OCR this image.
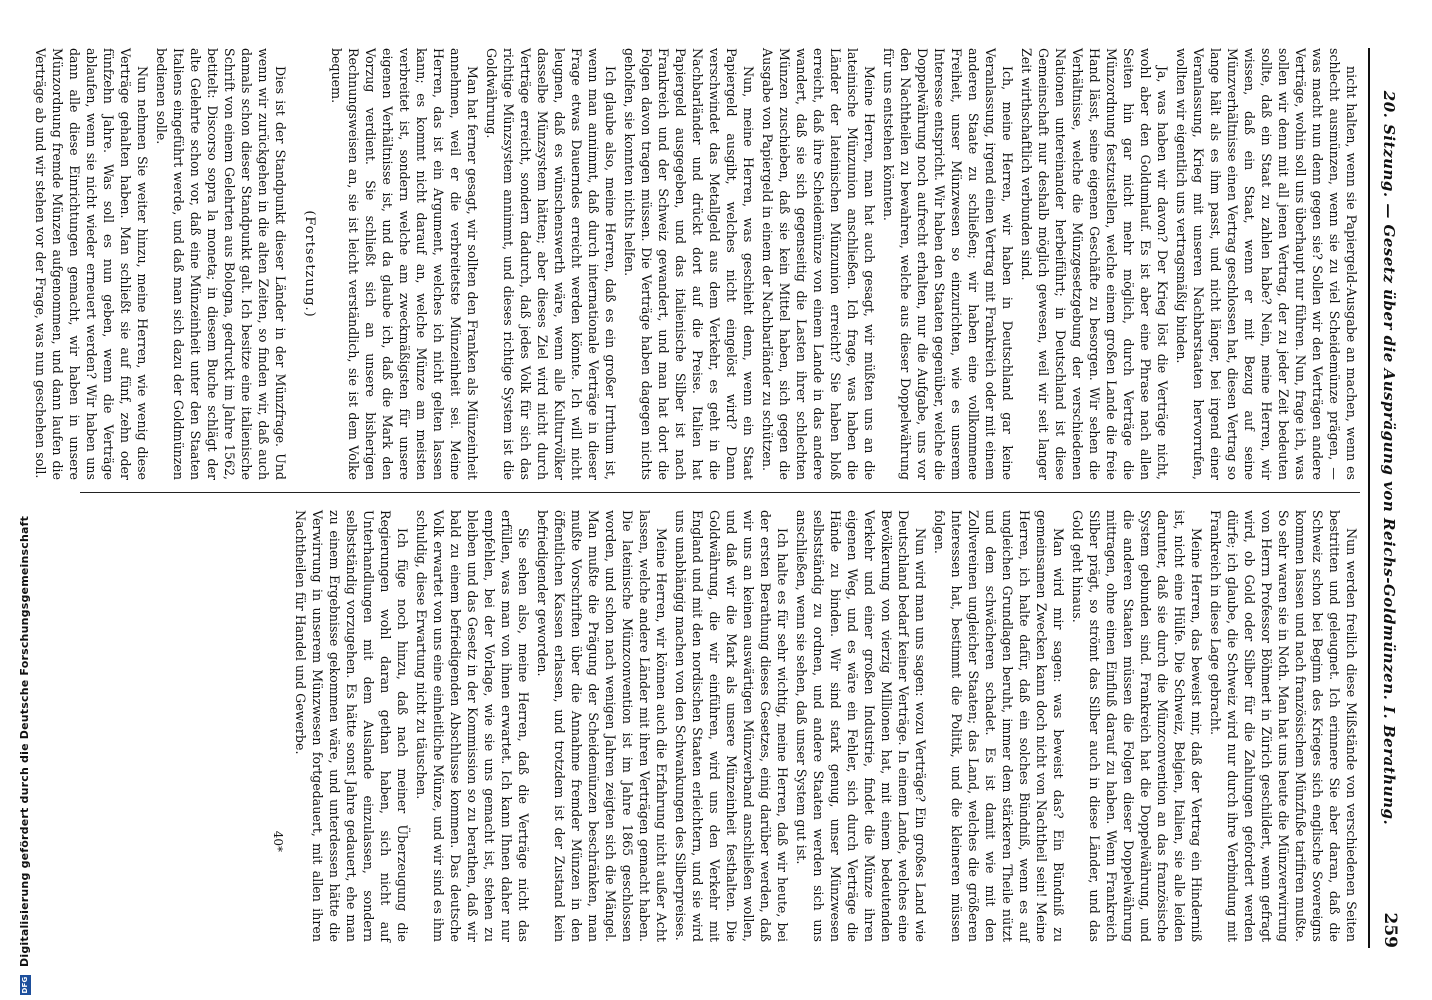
DFG Digitalisierung gefördert durch die Deutsche Forschungsgemeinschaft	20. Sitzung. — Gesetz über die Ausprägung von Reichs-Goldmünzen. I. Berathung.
259

nicht halten, wenn sie Papiergeld-Ausgabe an machen, wenn es schlecht ausmünzen, wenn sie zu viel Scheidemünze prägen, — was macht nun denn gegen sie? Sollen wir den Verträgen andere Verträge, wohin soll uns überhaupt nur führen. Nun, frage ich, was sollen wir denn mit all jenen Vertrag, der zu jeder Zeit bedeuten sollte, daß ein Staat zu zahlen habe? Nein, meine Herren, wir wissen, daß ein Staat, wenn er mit Bezug auf seine Münzverhältnisse einen Vertrag geschlossen hat, diesen Vertrag so lange hält als es ihm passt, und nicht länger, bei irgend einer Veranlassung, Krieg mit unseren Nachbarstaaten hervorrufen, wollten wir eigentlich uns vertragsmäßig binden.

Ja, was haben wir davon? Der Krieg löst die Verträge nicht, wohl aber den Goldumlauf. Es ist aber eine Phrase nach allen Seiten hin gar nicht mehr möglich, durch Verträge die Münzordnung festzustellen, welche einem großen Lande die freie Hand lässt, seine eigenen Geschäfte zu besorgen. Wir sehen die Verhältnisse, welche die Münzgesetzgebung der verschiedenen Nationen untereinander herbeiführt; in Deutschland ist diese Gemeinschaft nur deshalb möglich gewesen, weil wir seit langer Zeit wirthschaftlich verbunden sind.

Ich, meine Herren, wir haben in Deutschland gar keine Veranlassung, irgend einen Vertrag mit Frankreich oder mit einem anderen Staate zu schließen; wir haben eine vollkommene Freiheit, unser Münzwesen so einzurichten, wie es unserem Interesse entspricht. Wir haben den Staaten gegenüber, welche die Doppelwährung noch aufrecht erhalten, nur die Aufgabe, uns vor den Nachtheilen zu bewahren, welche aus dieser Doppelwährung für uns entstehen könnten.

Meine Herren, man hat auch gesagt, wir müßten uns an die lateinische Münzunion anschließen. Ich frage, was haben die Länder der lateinischen Münzunion erreicht? Sie haben bloß erreicht, daß ihre Scheidemünze von einem Lande in das andere wandert, daß sie sich gegenseitig die Lasten ihrer schlechten Münzen zuschieben, daß sie kein Mittel haben, sich gegen die Ausgabe von Papiergeld in einem der Nachbarländer zu schützen.

Nun, meine Herren, was geschieht denn, wenn ein Staat Papiergeld ausgibt, welches nicht eingelöst wird? Dann verschwindet das Metallgeld aus dem Verkehr, es geht in die Nachbarländer und drückt dort auf die Preise. Italien hat Papiergeld ausgegeben, und das italienische Silber ist nach Frankreich und der Schweiz gewandert, und man hat dort die Folgen davon tragen müssen. Die Verträge haben dagegen nichts geholfen, sie konnten nichts helfen.

Ich glaube also, meine Herren, daß es ein großer Irrthum ist, wenn man annimmt, daß durch internationale Verträge in dieser Frage etwas Dauerndes erreicht werden könnte. Ich will nicht leugnen, daß es wünschenswerth wäre, wenn alle Kulturvölker dasselbe Münzsystem hätten; aber dieses Ziel wird nicht durch Verträge erreicht, sondern dadurch, daß jedes Volk für sich das richtige Münzsystem annimmt, und dieses richtige System ist die Goldwährung.

Man hat ferner gesagt, wir sollten den Franken als Münzeinheit annehmen, weil er die verbreitetste Münzeinheit sei. Meine Herren, das ist ein Argument, welches ich nicht gelten lassen kann; es kommt nicht darauf an, welche Münze am meisten verbreitet ist, sondern welche am zweckmäßigsten für unsere eigenen Verhältnisse ist, und da glaube ich, daß die Mark den Vorzug verdient. Sie schließt sich an unsere bisherigen Rechnungsweisen an, sie ist leicht verständlich, sie ist dem Volke bequem.

(Fortsetzung.)

Dies ist der Standpunkt dieser Länder in der Münzfrage. Und wenn wir zurückgehen in die alten Zeiten, so finden wir, daß auch damals schon dieser Standpunkt galt. Ich besitze eine italienische Schrift von einem Gelehrten aus Bologna, gedruckt im Jahre 1562, betitelt: Discorso sopra la moneta; in diesem Buche schlägt der alte Gelehrte schon vor, daß eine Münzeinheit unter den Staaten Italiens eingeführt werde, und daß man sich dazu der Goldmünzen bedienen solle.

Nun nehmen Sie weiter hinzu, meine Herren, wie wenig diese Verträge gehalten haben. Man schließt sie auf fünf, zehn oder fünfzehn Jahre. Was soll es nun geben, wenn die Verträge ablaufen, wenn sie nicht wieder erneuert werden? Wir haben uns dann alle diese Einrichtungen gemacht, wir haben in unsere Münzordnung fremde Münzen aufgenommen, und dann laufen die Verträge ab und wir stehen vor der Frage, was nun geschehen soll.

Nun werden freilich diese Mißstände von verschiedenen Seiten bestritten und geleugnet. Ich erinnere Sie aber daran, daß die Schweiz schon bei Beginn des Krieges sich englische Sovereigns kommen lassen und nach französischem Münzfuße tarifiren mußte. So sehr waren sie in Noth. Man hat uns heute die Münzverwirrung von Herrn Professor Böhmert in Zürich geschildert, wenn gefragt wird, ob Gold oder Silber für die Zahlungen gefordert werden dürfe; ich glaube, die Schweiz wird nur durch ihre Verbindung mit Frankreich in diese Lage gebracht.

Meine Herren, das beweist mir, daß der Vertrag ein Hinderniß ist, nicht eine Hülfe. Die Schweiz, Belgien, Italien, sie alle leiden darunter, daß sie durch die Münzconvention an das französische System gebunden sind. Frankreich hat die Doppelwährung, und die anderen Staaten müssen die Folgen dieser Doppelwährung mittragen, ohne einen Einfluß darauf zu haben. Wenn Frankreich Silber prägt, so strömt das Silber auch in diese Länder, und das Gold geht hinaus.

Man wird mir sagen: was beweist das? Ein Bündniß zu gemeinsamen Zwecken kann doch nicht von Nachtheil sein! Meine Herren, ich halte dafür, daß ein solches Bündniß, wenn es auf ungleichen Grundlagen beruht, immer dem stärkeren Theile nützt und dem schwächeren schadet. Es ist damit wie mit den Zollvereinen ungleicher Staaten; das Land, welches die größeren Interessen hat, bestimmt die Politik, und die kleineren müssen folgen.

Nun wird man uns sagen: wozu Verträge? Ein großes Land wie Deutschland bedarf keiner Verträge. In einem Lande, welches eine Bevölkerung von vierzig Millionen hat, mit einem bedeutenden Verkehr und einer großen Industrie, findet die Münze ihren eigenen Weg, und es wäre ein Fehler, sich durch Verträge die Hände zu binden. Wir sind stark genug, unser Münzwesen selbstständig zu ordnen, und andere Staaten werden sich uns anschließen, wenn sie sehen, daß unser System gut ist.

Ich halte es für sehr wichtig, meine Herren, daß wir heute, bei der ersten Berathung dieses Gesetzes, einig darüber werden, daß wir uns an keinen auswärtigen Münzverband anschließen wollen, und daß wir die Mark als unsere Münzeinheit festhalten. Die Goldwährung, die wir einführen, wird uns den Verkehr mit England und mit den nordischen Staaten erleichtern, und sie wird uns unabhängig machen von den Schwankungen des Silberpreises.

Meine Herren, wir können auch die Erfahrung nicht außer Acht lassen, welche andere Länder mit ihren Verträgen gemacht haben. Die lateinische Münzconvention ist im Jahre 1865 geschlossen worden, und schon nach wenigen Jahren zeigten sich die Mängel. Man mußte die Prägung der Scheidemünzen beschränken, man mußte Vorschriften über die Annahme fremder Münzen in den öffentlichen Kassen erlassen, und trotzdem ist der Zustand kein befriedigender geworden.

Sie sehen also, meine Herren, daß die Verträge nicht das erfüllen, was man von ihnen erwartet. Ich kann Ihnen daher nur empfehlen, bei der Vorlage, wie sie uns gemacht ist, stehen zu bleiben und das Gesetz in der Kommission so zu berathen, daß wir bald zu einem befriedigenden Abschlusse kommen. Das deutsche Volk erwartet von uns eine einheitliche Münze, und wir sind es ihm schuldig, diese Erwartung nicht zu täuschen.

Ich füge noch hinzu, daß nach meiner Überzeugung die Regierungen wohl daran gethan haben, sich nicht auf Unterhandlungen mit dem Auslande einzulassen, sondern selbstständig vorzugehen. Es hätte sonst Jahre gedauert, ehe man zu einem Ergebnisse gekommen wäre, und unterdessen hätte die Verwirrung in unserem Münzwesen fortgedauert, mit allen ihren Nachtheilen für Handel und Gewerbe.

40*
